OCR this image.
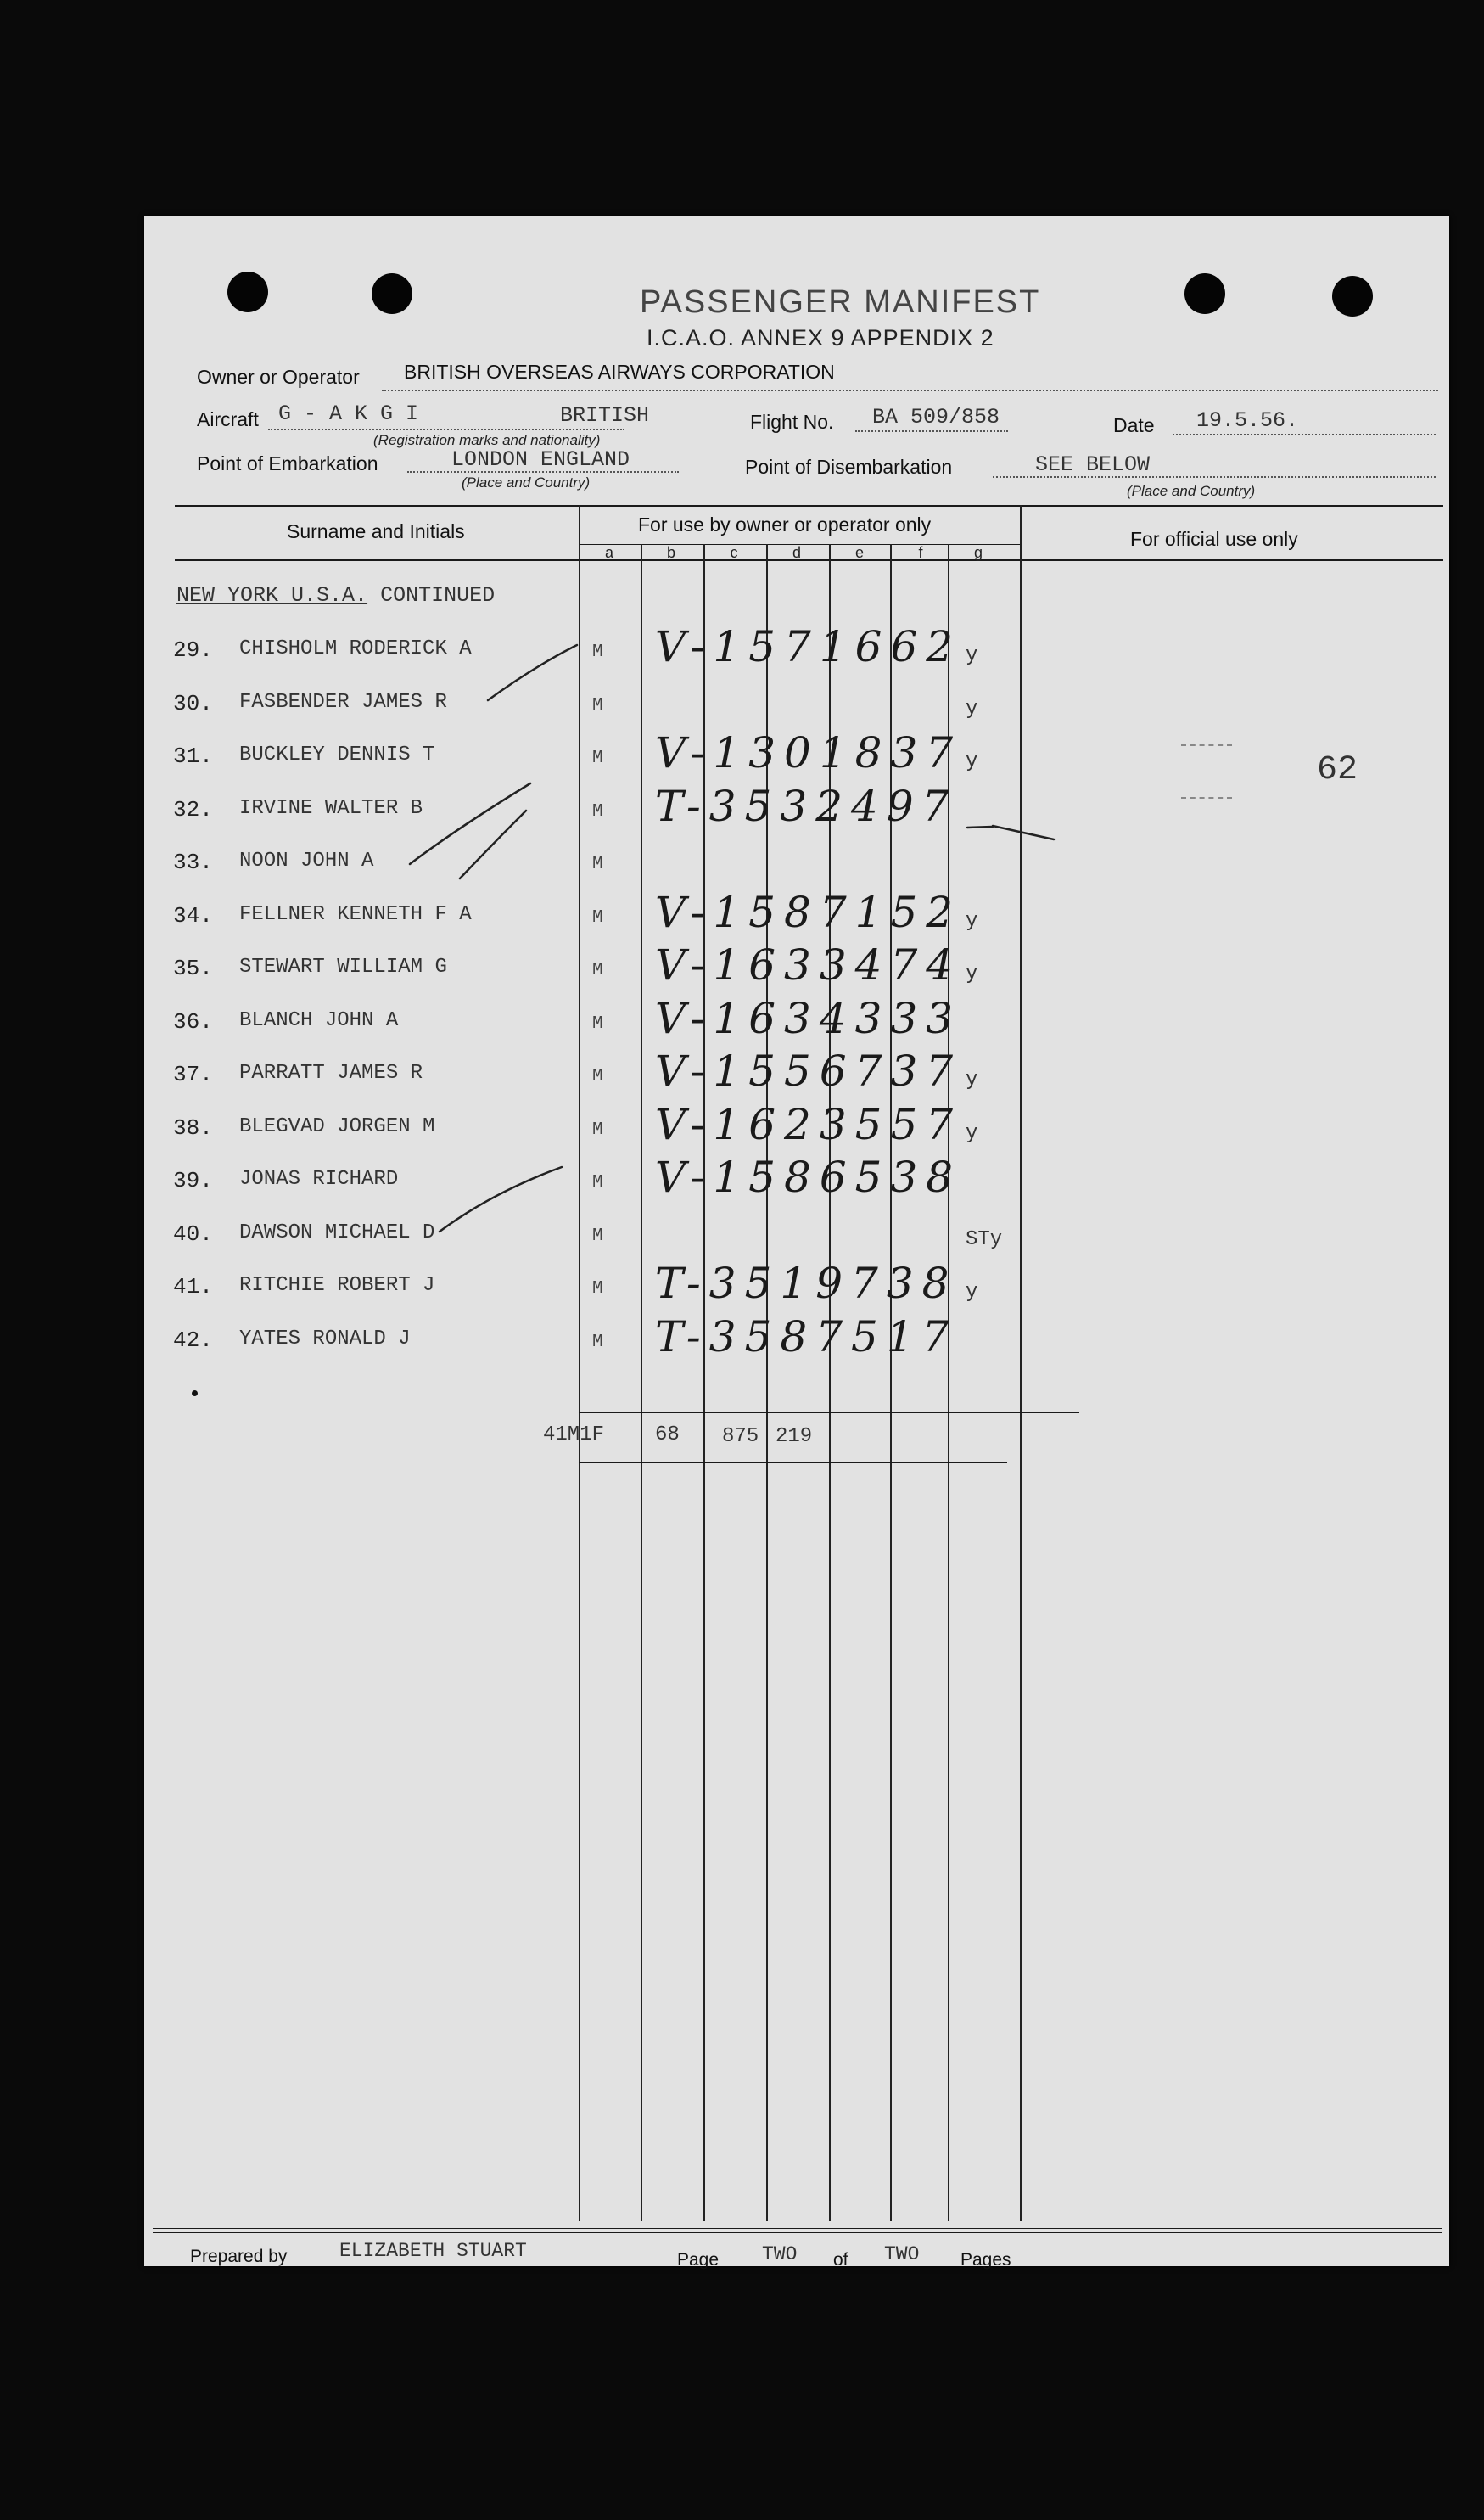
PASSENGER MANIFEST
I.C.A.O. ANNEX 9 APPENDIX 2
Owner or Operator BRITISH OVERSEAS AIRWAYS CORPORATION
Aircraft G - A K G I	BRITISH
(Registration marks and nationality)
Flight No. BA 509/858	Date 19.5.56.
Point of Embarkation	LONDON ENGLAND
(Place and Country)
Point of Disembarkation	SEE BELOW
(Place and Country)
Surname and Initials	For use by owner or operator only
For official use only
a	b	c	d	e	f	g
NEW YORK U.S.A. CONTINUED
29. CHISHOLM RODERICK A	M V-1571662 y
30. FASBENDER JAMES R	M	y
31. BUCKLEY DENNIS T	M V-1301837 y
32. IRVINE WALTER B	M T-3532497
33. NOON JOHN A	M
34. FELLNER KENNETH F A	M V-1587152 y
35. STEWART WILLIAM G	M V-1633474 y
36. BLANCH JOHN A	M V-1634333
37. PARRATT JAMES R	M V-1556737 y
38. BLEGVAD JORGEN M	M V-1623557 y
39. JONAS RICHARD	M V-1586538
40. DAWSON MICHAEL D	M	STy
41. RITCHIE ROBERT J	M T-3519738 y
42. YATES RONALD J	M T-3587517
62
41M1F 68 875 219
Prepared by	ELIZABETH STUART	Page TWO of TWO Pages
